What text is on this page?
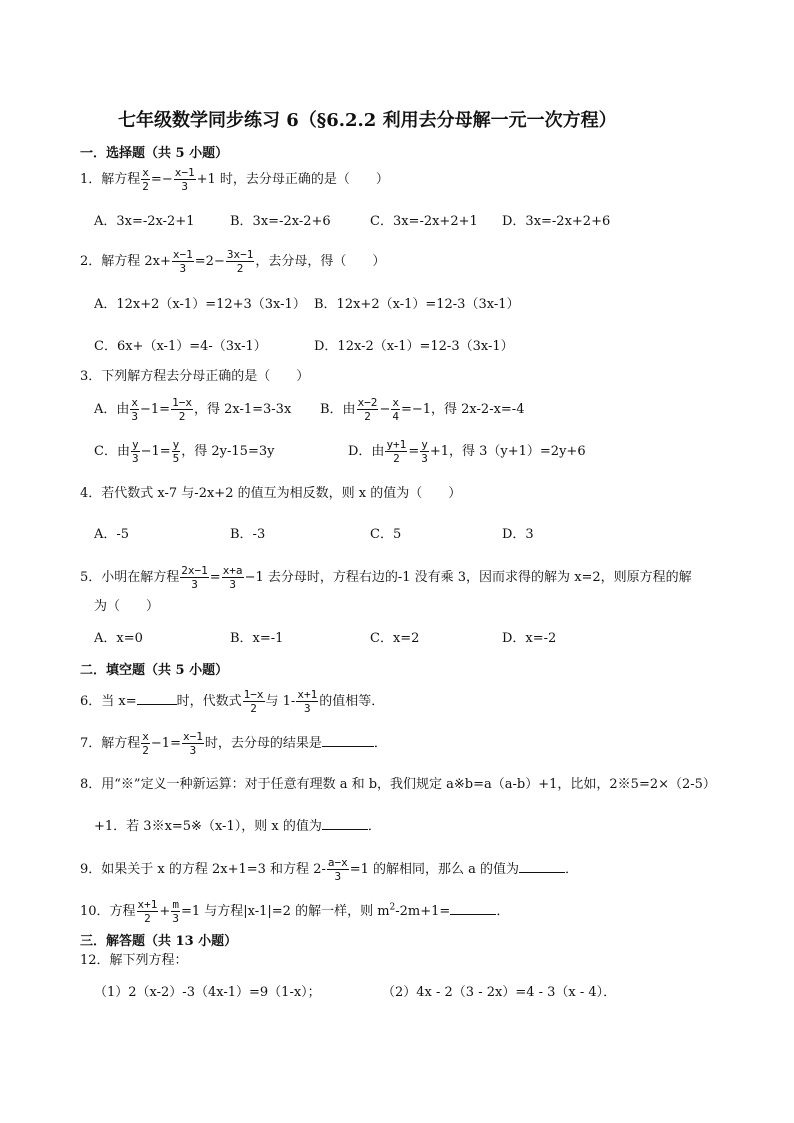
七年级数学同步练习 6（§6.2.2 利用去分母解一元一次方程）
一．选择题（共 5 小题）
1．解方程 $\frac{x}{2} =- \frac{x-1}{3} +1$ 时，去分母正确的是（　　）
A．3x=-2x-2+1	B．3x=-2x-2+6	C．3x=-2x+2+1 D．3x=-2x+2+6
2．解方程 $2x+ \frac{x-1}{3} =2- \frac{3x-1}{2}$ ，去分母，得（　　）
A．12x+2（x-1）=12+3（3x-1） B．12x+2（x-1）=12-3（3x-1）
C．6x+（x-1）=4-（3x-1）	D．12x-2（x-1）=12-3（3x-1）
3．下列解方程去分母正确的是（　　）
A．由 $\frac{x}{3} -1= \frac{1-x}{2}$ ，得 2x-1=3-3x B．由 $\frac{x-2}{2} - \frac{x}{4} =-1$，得 2x-2-x=-4
C．由 $\frac{y}{3} -1= \frac{y}{5}$ ，得 2y-15=3y	D．由 $\frac{y+1}{2} = \frac{y}{3} +1$，得 3（y+1）=2y+6
4．若代数式 x-7 与-2x+2 的值互为相反数，则 x 的值为（　　）
A．-5	B．-3	C．5	D．3
5．小明在解方程 $\frac{2x-1}{3} = \frac{x+a}{3} -1$ 去分母时，方程右边的-1 没有乘 3，因而求得的解为 x=2，则原方程的解
为（　　）
A．x=0	B．x=-1	C．x=2	D．x=-2
二．填空题（共 5 小题）
6．当 x=	时，代数式 $\frac{1-x}{2}$ 与 $1- \frac{x+1}{3}$ 的值相等．
7．解方程 $\frac{x}{2} -1= \frac{x-1}{3}$ 时，去分母的结果是	．
8．用“※”定义一种新运算：对于任意有理数 a 和 b，我们规定 a※b=a（a-b）+1，比如，2※5=2×（2-5）
+1．若 3※x=5※（x-1），则 x 的值为	．
9．如果关于 x 的方程 2x+1=3 和方程 $2- \frac{a-x}{3} =1$ 的解相同，那么 a 的值为	．
10．方程 $\frac{x+1}{2} + \frac{m}{3} =1$ 与方程|x-1|=2 的解一样，则 $m^2-2m+1=$	．
三．解答题（共 13 小题）
12．解下列方程：
（1）2（x-2）-3（4x-1）=9（1-x）；	（2）4x - 2（3 - 2x）=4 - 3（x - 4）．
